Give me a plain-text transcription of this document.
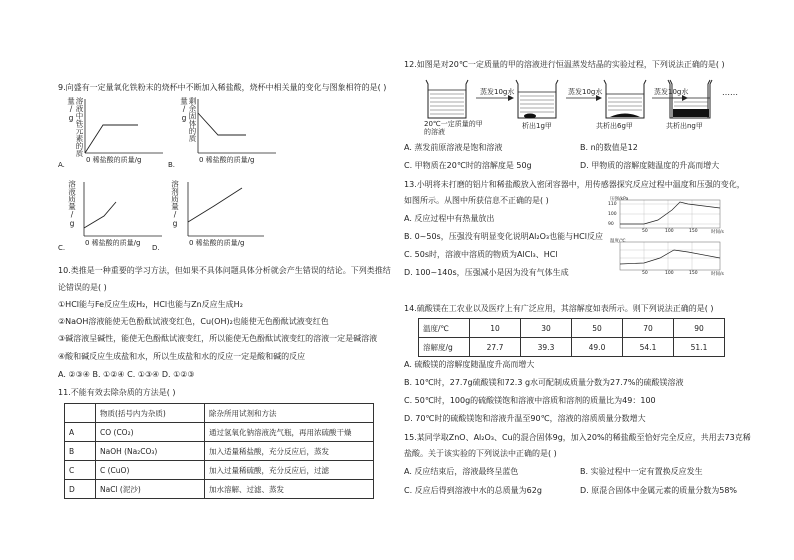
9.向盛有一定量氧化铁粉末的烧杯中不断加入稀盐酸，烧杯中相关量的变化与图象相符的是( )
溶液中铁元素的质量/g
A.
0 稀盐酸的质量/g
剩余固体的质量/g
B.
0 稀盐酸的质量/g
溶液质量/g
C.
0 稀盐酸的质量/g
溶剂质量/g
D.
0 稀盐酸的质量/g
10.类推是一种重要的学习方法，但如果不具体问题具体分析就会产生错误的结论。下列类推结
论错误的是( )
①HCl能与Fe反应生成H₂，HCl也能与Zn反应生成H₂
②NaOH溶液能使无色酚酞试液变红色，Cu(OH)₂也能使无色酚酞试液变红色
③碱溶液呈碱性，能使无色酚酞试液变红，所以能使无色酚酞试液变红的溶液一定是碱溶液
④酸和碱反应生成盐和水，所以生成盐和水的反应一定是酸和碱的反应
A. ②③④ B. ①②④ C. ①③④ D. ①②③
11.不能有效去除杂质的方法是( )
	物质(括号内为杂质)	除杂所用试剂和方法
A	CO (CO₂)	通过氢氧化钠溶液洗气瓶，再用浓硫酸干燥
B	NaOH (Na₂CO₃)	加入适量稀盐酸，充分反应后，蒸发
C	C (CuO)	加入过量稀硫酸，充分反应后，过滤
D	NaCl (泥沙)	加水溶解、过滤、蒸发
12.如图是对20℃一定质量的甲的溶液进行恒温蒸发结晶的实验过程，下列说法正确的是( )
蒸发10g水	蒸发10g水	蒸发10g水	……
20℃一定质量的甲的溶液
析出1g甲	共析出6g甲	共析出ng甲
A. 蒸发前原溶液是饱和溶液	B. n的数值是12
C. 甲物质在20℃时的溶解度是 50g	D. 甲物质的溶解度随温度的升高而增大
13.小明将未打磨的铝片和稀盐酸放入密闭容器中，用传感器探究反应过程中温度和压强的变化，
如图所示。从图中所获信息不正确的是( )
A. 反应过程中有热量放出
B. 0~50s，压强没有明显变化说明Al₂O₃也能与HCl反应
C. 50s时，溶液中溶质的物质为AlCl₃、HCl
D. 100~140s，压强减小是因为没有气体生成
压强/kPa
110
100
90
50	100	150	时间/s
温度/℃
50	100	150	时间/s
14.硫酸镁在工农业以及医疗上有广泛应用，其溶解度如表所示。则下列说法正确的是( )
温度/℃	10	30	50	70	90
溶解度/g	27.7	39.3	49.0	54.1	51.1
A. 硫酸镁的溶解度随温度升高而增大
B. 10℃时，27.7g硫酸镁和72.3 g水可配制成质量分数为27.7%的硫酸镁溶液
C. 50℃时，100g的硫酸镁饱和溶液中溶质和溶剂的质量比为49：100
D. 70℃时的硫酸镁饱和溶液升温至90℃，溶液的溶质质量分数增大
15.某同学取ZnO、Al₂O₃、Cu的混合固体9g，加入20%的稀盐酸至恰好完全反应，共用去73克稀
盐酸。关于该实验的下列说法中正确的是( )
A. 反应结束后，溶液最终呈蓝色	B. 实验过程中一定有置换反应发生
C. 反应后得到溶液中水的总质量为62g	D. 原混合固体中金属元素的质量分数为58%
